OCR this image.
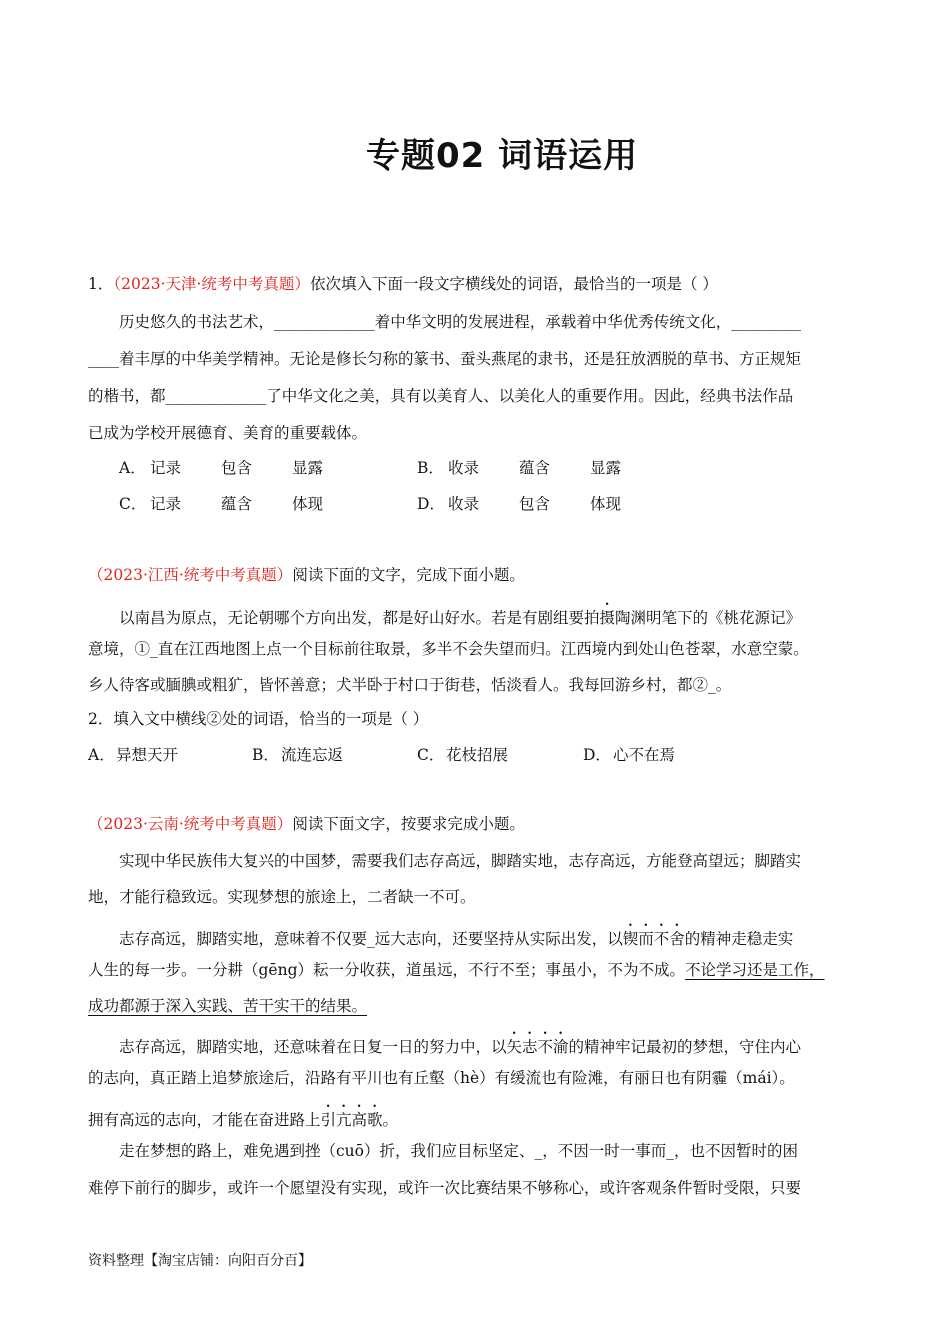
专题02 词语运用
1．（2023·天津·统考中考真题）依次填入下面一段文字横线处的词语，最恰当的一项是（ ）
历史悠久的书法艺术，_____________着中华文明的发展进程，承载着中华优秀传统文化，_________
____着丰厚的中华美学精神。无论是修长匀称的篆书、蚕头燕尾的隶书，还是狂放洒脱的草书、方正规矩
的楷书，都_____________了中华文化之美，具有以美育人、以美化人的重要作用。因此，经典书法作品
已成为学校开展德育、美育的重要载体。
A． 记录	包含	显露	B． 收录	蕴含	显露
C． 记录	蕴含	体现	D． 收录	包含	体现
（2023·江西·统考中考真题）阅读下面的文字，完成下面小题。
以南昌为原点，无论朝哪个方向出发，都是好山好水。若是有剧组要拍摄陶渊明笔下的《桃花源记》
意境，①_直在江西地图上点一个目标前往取景，多半不会失望而归。江西境内到处山色苍翠，水意空蒙。
乡人待客或腼腆或粗犷，皆怀善意；犬半卧于村口于街巷，恬淡看人。我每回游乡村，都②_。
2．填入文中横线②处的词语，恰当的一项是（ ）
A． 异想天开	B． 流连忘返	C． 花枝招展	D． 心不在焉
（2023·云南·统考中考真题）阅读下面文字，按要求完成小题。
实现中华民族伟大复兴的中国梦，需要我们志存高远，脚踏实地，志存高远，方能登高望远；脚踏实
地，才能行稳致远。实现梦想的旅途上，二者缺一不可。
志存高远，脚踏实地，意味着不仅要_远大志向，还要坚持从实际出发，以锲而不舍的精神走稳走实
人生的每一步。一分耕（gēng）耘一分收获，道虽远，不行不至；事虽小，不为不成。不论学习还是工作，
成功都源于深入实践、苦干实干的结果。
志存高远，脚踏实地，还意味着在日复一日的努力中，以矢志不渝的精神牢记最初的梦想，守住内心
的志向，真正踏上追梦旅途后，沿路有平川也有丘壑（hè）有缓流也有险滩，有丽日也有阴霾（mái）。
拥有高远的志向，才能在奋进路上引亢高歌。
走在梦想的路上，难免遇到挫（cuō）折，我们应目标坚定、_，不因一时一事而_，也不因暂时的困
难停下前行的脚步，或许一个愿望没有实现，或许一次比赛结果不够称心，或许客观条件暂时受限，只要
资料整理【淘宝店铺：向阳百分百】
